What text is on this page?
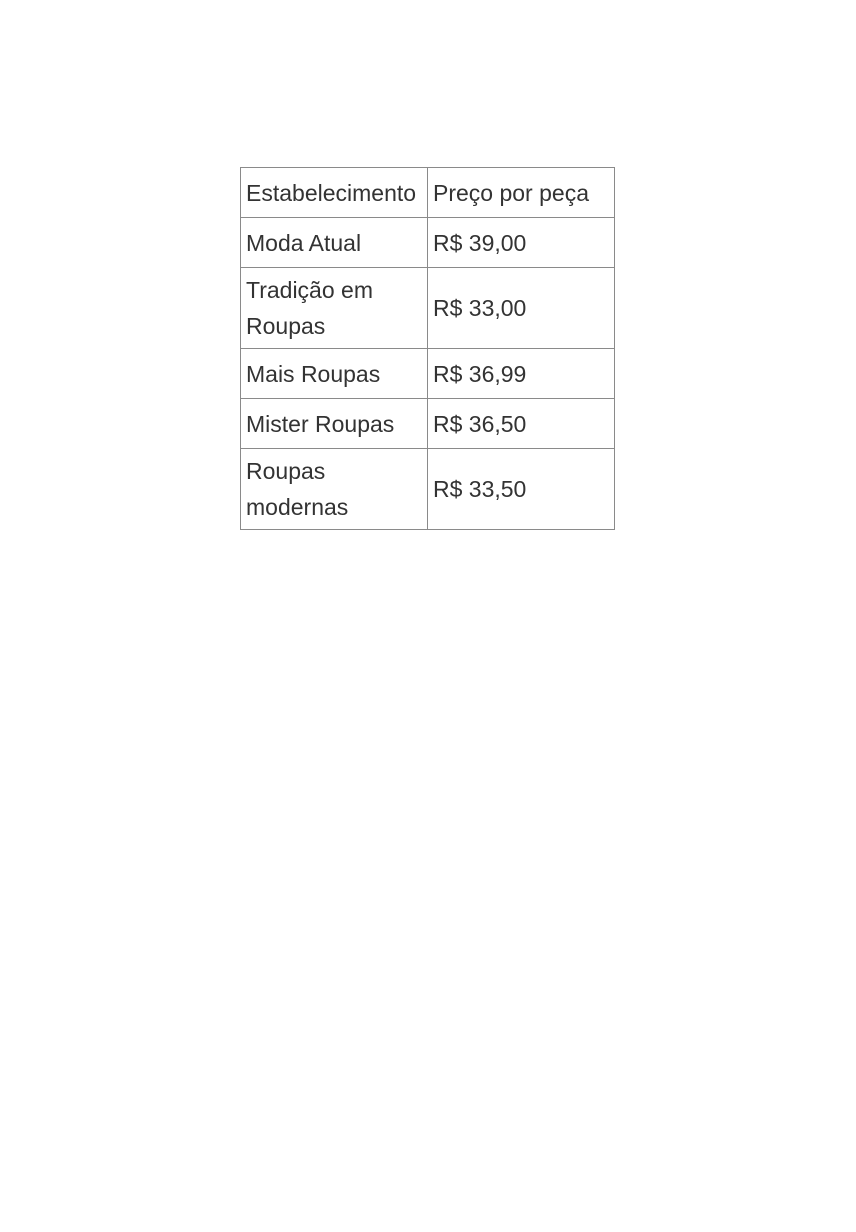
Estabelecimento	Preço por peça
Moda Atual	R$ 39,00
Tradição em Roupas	R$ 33,00
Mais Roupas	R$ 36,99
Mister Roupas	R$ 36,50
Roupas modernas	R$ 33,50
